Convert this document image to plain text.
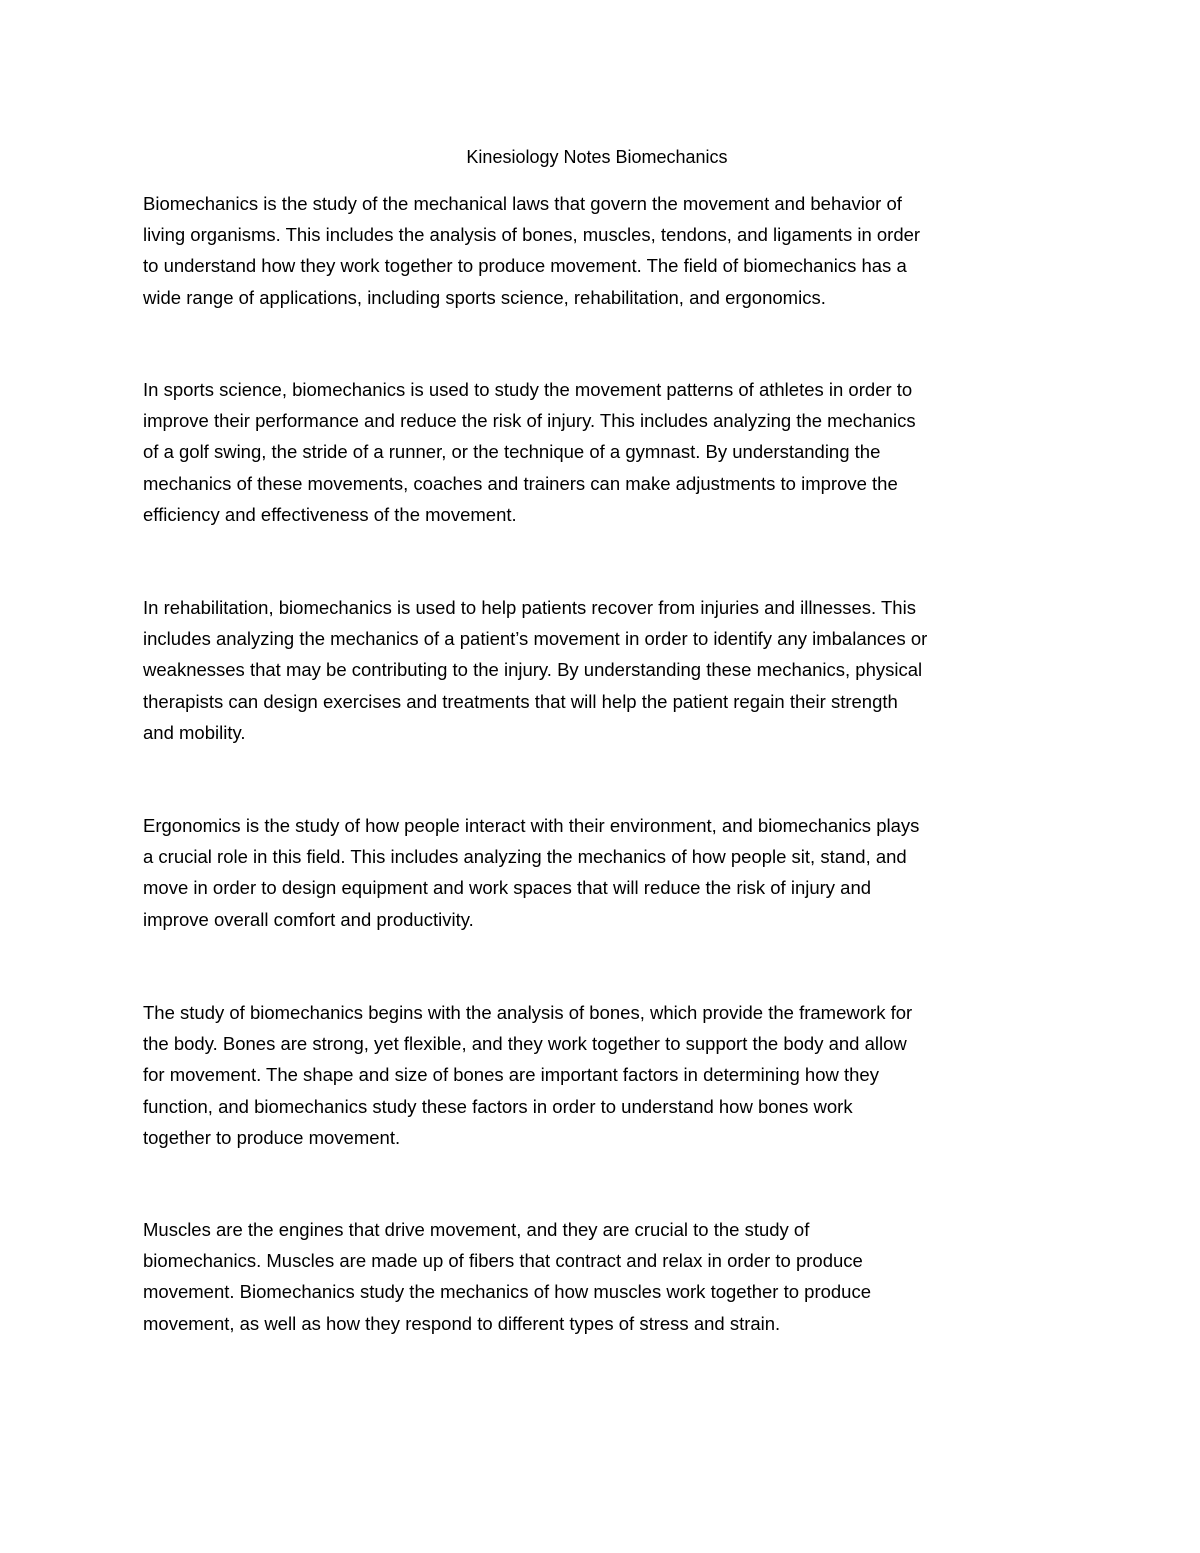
Kinesiology Notes Biomechanics

Biomechanics is the study of the mechanical laws that govern the movement and behavior of
living organisms. This includes the analysis of bones, muscles, tendons, and ligaments in order
to understand how they work together to produce movement. The field of biomechanics has a
wide range of applications, including sports science, rehabilitation, and ergonomics.

In sports science, biomechanics is used to study the movement patterns of athletes in order to
improve their performance and reduce the risk of injury. This includes analyzing the mechanics
of a golf swing, the stride of a runner, or the technique of a gymnast. By understanding the
mechanics of these movements, coaches and trainers can make adjustments to improve the
efficiency and effectiveness of the movement.

In rehabilitation, biomechanics is used to help patients recover from injuries and illnesses. This
includes analyzing the mechanics of a patient’s movement in order to identify any imbalances or
weaknesses that may be contributing to the injury. By understanding these mechanics, physical
therapists can design exercises and treatments that will help the patient regain their strength
and mobility.

Ergonomics is the study of how people interact with their environment, and biomechanics plays
a crucial role in this field. This includes analyzing the mechanics of how people sit, stand, and
move in order to design equipment and work spaces that will reduce the risk of injury and
improve overall comfort and productivity.

The study of biomechanics begins with the analysis of bones, which provide the framework for
the body. Bones are strong, yet flexible, and they work together to support the body and allow
for movement. The shape and size of bones are important factors in determining how they
function, and biomechanics study these factors in order to understand how bones work
together to produce movement.

Muscles are the engines that drive movement, and they are crucial to the study of
biomechanics. Muscles are made up of fibers that contract and relax in order to produce
movement. Biomechanics study the mechanics of how muscles work together to produce
movement, as well as how they respond to different types of stress and strain.
